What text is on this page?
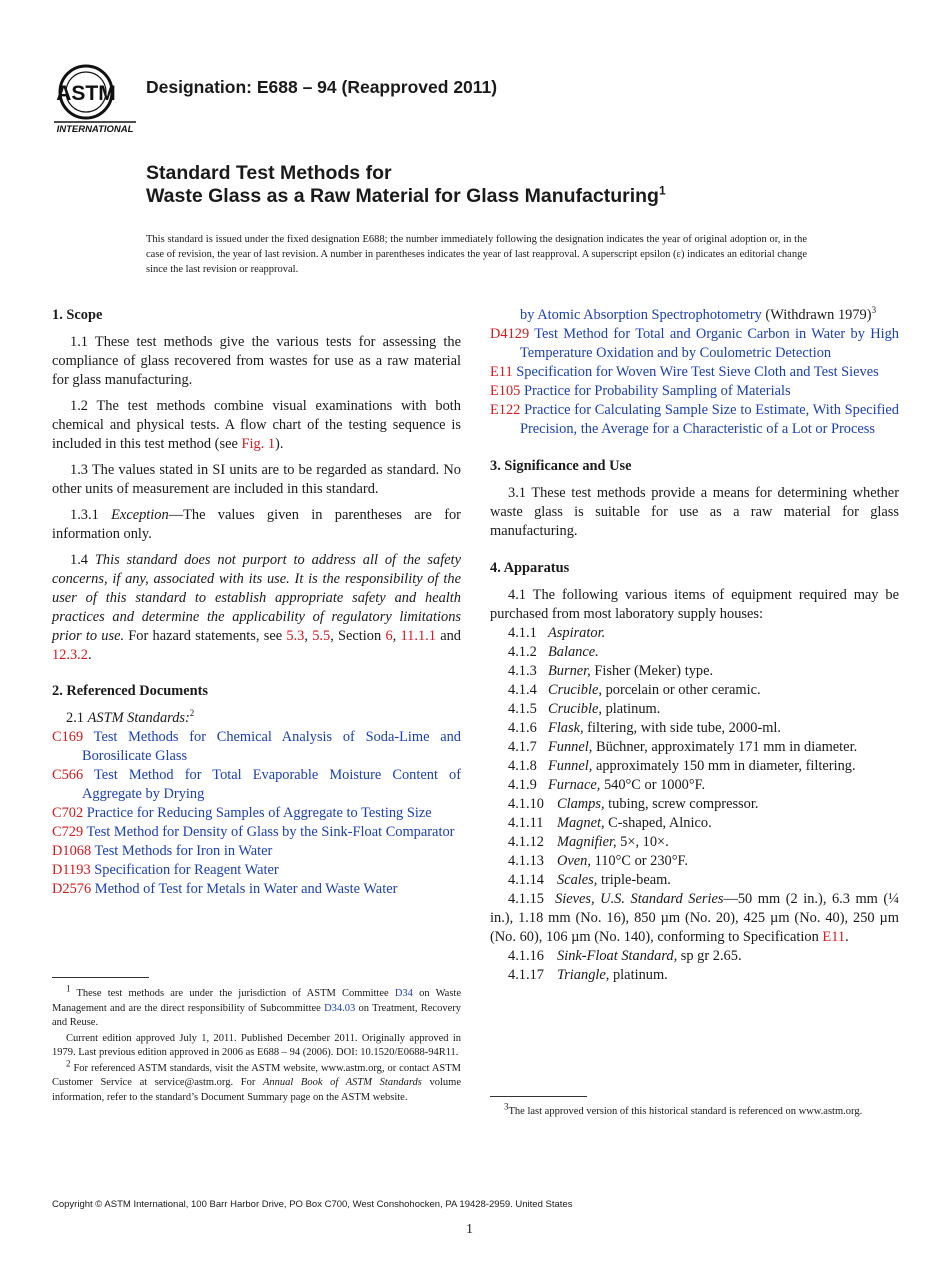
ASTM
INTERNATIONAL
Designation: E688 – 94 (Reapproved 2011)
Standard Test Methods for
Waste Glass as a Raw Material for Glass Manufacturing$^1$
This standard is issued under the fixed designation E688; the number immediately following the designation indicates the year of original adoption or, in the case of revision, the year of last revision. A number in parentheses indicates the year of last reapproval. A superscript epsilon (ε) indicates an editorial change since the last revision or reapproval.
1. Scope
1.1 These test methods give the various tests for assessing the compliance of glass recovered from wastes for use as a raw material for glass manufacturing.
1.2 The test methods combine visual examinations with both chemical and physical tests. A flow chart of the testing sequence is included in this test method (see Fig. 1).
1.3 The values stated in SI units are to be regarded as standard. No other units of measurement are included in this standard.
1.3.1 Exception—The values given in parentheses are for information only.
1.4 This standard does not purport to address all of the safety concerns, if any, associated with its use. It is the responsibility of the user of this standard to establish appropriate safety and health practices and determine the applicability of regulatory limitations prior to use. For hazard statements, see 5.3, 5.5, Section 6, 11.1.1 and 12.3.2.
2. Referenced Documents
2.1 ASTM Standards:$^2$
C169 Test Methods for Chemical Analysis of Soda-Lime and Borosilicate Glass
C566 Test Method for Total Evaporable Moisture Content of Aggregate by Drying
C702 Practice for Reducing Samples of Aggregate to Testing Size
C729 Test Method for Density of Glass by the Sink-Float Comparator
D1068 Test Methods for Iron in Water
D1193 Specification for Reagent Water
D2576 Method of Test for Metals in Water and Waste Water
by Atomic Absorption Spectrophotometry (Withdrawn 1979)$^3$
D4129 Test Method for Total and Organic Carbon in Water by High Temperature Oxidation and by Coulometric Detection
E11 Specification for Woven Wire Test Sieve Cloth and Test Sieves
E105 Practice for Probability Sampling of Materials
E122 Practice for Calculating Sample Size to Estimate, With Specified Precision, the Average for a Characteristic of a Lot or Process
3. Significance and Use
3.1 These test methods provide a means for determining whether waste glass is suitable for use as a raw material for glass manufacturing.
4. Apparatus
4.1 The following various items of equipment required may be purchased from most laboratory supply houses:
4.1.1 Aspirator.
4.1.2 Balance.
4.1.3 Burner, Fisher (Meker) type.
4.1.4 Crucible, porcelain or other ceramic.
4.1.5 Crucible, platinum.
4.1.6 Flask, filtering, with side tube, 2000-ml.
4.1.7 Funnel, Büchner, approximately 171 mm in diameter.
4.1.8 Funnel, approximately 150 mm in diameter, filtering.
4.1.9 Furnace, 540°C or 1000°F.
4.1.10 Clamps, tubing, screw compressor.
4.1.11 Magnet, C-shaped, Alnico.
4.1.12 Magnifier, 5×, 10×.
4.1.13 Oven, 110°C or 230°F.
4.1.14 Scales, triple-beam.
4.1.15 Sieves, U.S. Standard Series—50 mm (2 in.), 6.3 mm (¼ in.), 1.18 mm (No. 16), 850 µm (No. 20), 425 µm (No. 40), 250 µm (No. 60), 106 µm (No. 140), conforming to Specification E11.
4.1.16 Sink-Float Standard, sp gr 2.65.
4.1.17 Triangle, platinum.

$^1$ These test methods are under the jurisdiction of ASTM Committee D34 on Waste Management and are the direct responsibility of Subcommittee D34.03 on Treatment, Recovery and Reuse.

Current edition approved July 1, 2011. Published December 2011. Originally approved in 1979. Last previous edition approved in 2006 as E688 – 94 (2006). DOI: 10.1520/E0688-94R11.

$^2$ For referenced ASTM standards, visit the ASTM website, www.astm.org, or contact ASTM Customer Service at service@astm.org. For Annual Book of ASTM Standards volume information, refer to the standard’s Document Summary page on the ASTM website.

$^3$The last approved version of this historical standard is referenced on www.astm.org.

Copyright © ASTM International, 100 Barr Harbor Drive, PO Box C700, West Conshohocken, PA 19428-2959. United States
1
